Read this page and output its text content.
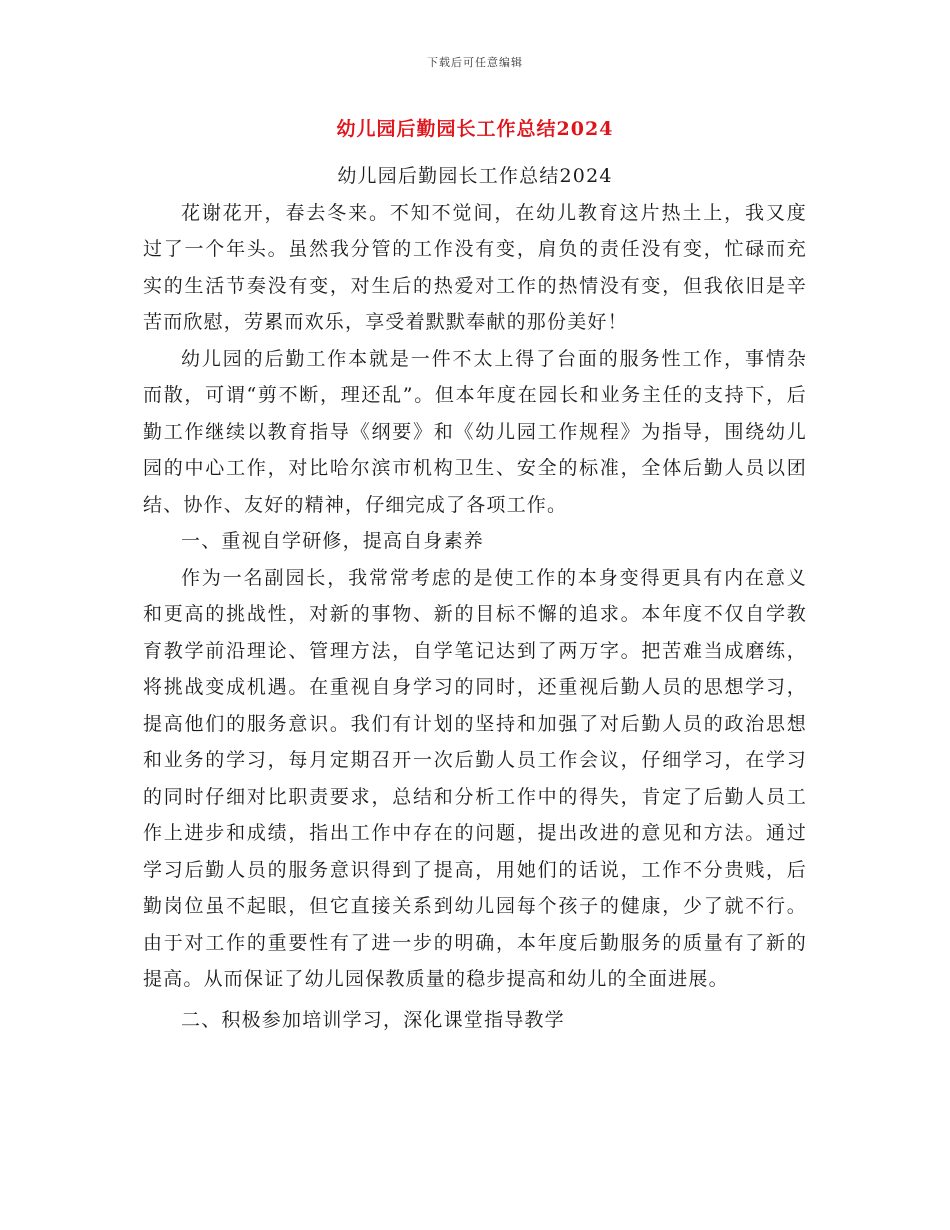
下载后可任意编辑
幼儿园后勤园长工作总结2024

幼儿园后勤园长工作总结2024

花谢花开，春去冬来。不知不觉间，在幼儿教育这片热土上，我又度过了一个年头。虽然我分管的工作没有变，肩负的责任没有变，忙碌而充实的生活节奏没有变，对生后的热爱对工作的热情没有变，但我依旧是辛苦而欣慰，劳累而欢乐，享受着默默奉献的那份美好！

幼儿园的后勤工作本就是一件不太上得了台面的服务性工作，事情杂而散，可谓“剪不断，理还乱”。但本年度在园长和业务主任的支持下，后勤工作继续以教育指导《纲要》和《幼儿园工作规程》为指导，围绕幼儿园的中心工作，对比哈尔滨市机构卫生、安全的标准，全体后勤人员以团结、协作、友好的精神，仔细完成了各项工作。

一、重视自学研修，提高自身素养

作为一名副园长，我常常考虑的是使工作的本身变得更具有内在意义和更高的挑战性，对新的事物、新的目标不懈的追求。本年度不仅自学教育教学前沿理论、管理方法，自学笔记达到了两万字。把苦难当成磨练，将挑战变成机遇。在重视自身学习的同时，还重视后勤人员的思想学习，提高他们的服务意识。我们有计划的坚持和加强了对后勤人员的政治思想和业务的学习，每月定期召开一次后勤人员工作会议，仔细学习，在学习的同时仔细对比职责要求，总结和分析工作中的得失，肯定了后勤人员工作上进步和成绩，指出工作中存在的问题，提出改进的意见和方法。通过学习后勤人员的服务意识得到了提高，用她们的话说，工作不分贵贱，后勤岗位虽不起眼，但它直接关系到幼儿园每个孩子的健康，少了就不行。由于对工作的重要性有了进一步的明确，本年度后勤服务的质量有了新的提高。从而保证了幼儿园保教质量的稳步提高和幼儿的全面进展。

二、积极参加培训学习，深化课堂指导教学
